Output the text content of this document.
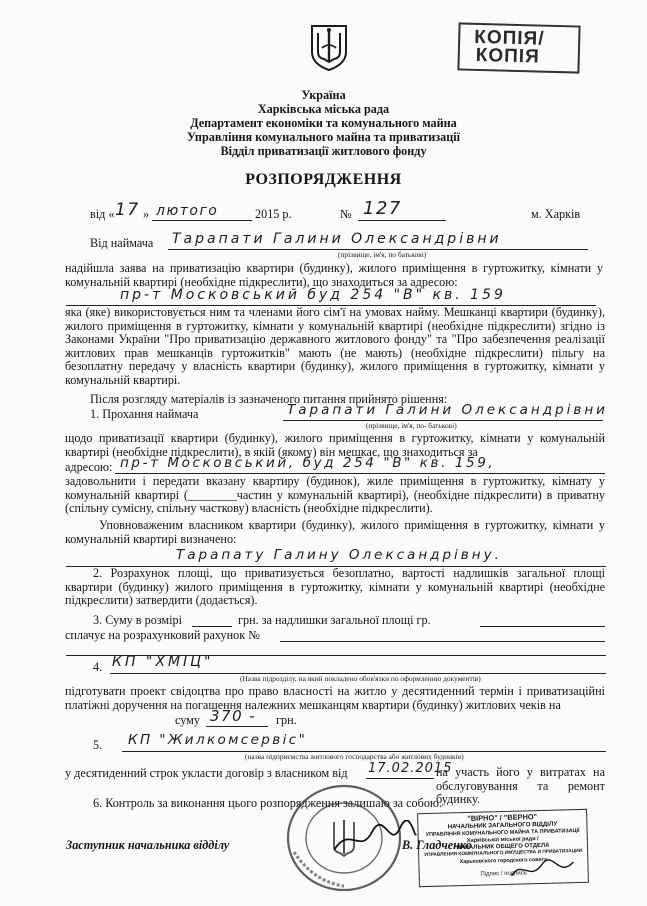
КОПІЯ/
КОПІЯ
Україна
Харківська міська рада
Департамент економіки та комунального майна
Управління комунального майна та приватизації
Відділ приватизації житлового фонду
РОЗПОРЯДЖЕННЯ
від « 17 » лютого	2015 р.	№ 127	м. Харків
Від наймача Тарапати Галини Олександрівни
(прізвище, ім'я, по батькові)
надійшла заява на приватизацію квартири (будинку), жилого приміщення в гуртожитку, кімнати у комунальній квартирі (необхідне підкреслити), що знаходиться за адресою:
пр-т Московський буд 254 "В" кв. 159
яка (яке) використовується ним та членами його сім'ї на умовах найму. Мешканці квартири (будинку), жилого приміщення в гуртожитку, кімнати у комунальній квартирі (необхідне підкреслити) згідно із Законами України "Про приватизацію державного житлового фонду" та "Про забезпечення реалізації житлових прав мешканців гуртожитків" мають (не мають) (необхідне підкреслити) пільгу на безоплатну передачу у власність квартири (будинку), жилого приміщення в гуртожитку, кімнати у комунальній квартирі.
Після розгляду матеріалів із зазначеного питання прийнято рішення:
1. Прохання наймача	Тарапати Галини Олександрівни
(прізвище, ім'я, по- батькові)
щодо приватизації квартири (будинку), жилого приміщення в гуртожитку, кімнати у комунальній квартирі (необхідне підкреслити), в якій (якому) він мешкає, що знаходиться за
адресою: пр-т Московський, буд 254 "В" кв. 159,
задовольнити і передати вказану квартиру (будинок), жиле приміщення в гуртожитку, кімнату у комунальній квартирі (________частин у комунальній квартирі), (необхідне підкреслити) в приватну (спільну сумісну, спільну часткову) власність (необхідне підкреслити).
Уповноваженим власником квартири (будинку), жилого приміщення в гуртожитку, кімнати у комунальній квартирі визначено:
Тарапату Галину Олександрівну.
2. Розрахунок площі, що приватизується безоплатно, вартості надлишків загальної площі квартири (будинку) жилого приміщення в гуртожитку, кімнати у комунальній квартирі (необхідне підкреслити) затвердити (додається).
3. Суму в розмірі	грн. за надлишки загальної площі гр.
сплачує на розрахунковий рахунок №
4. КП "ХМІЦ"
(Назва підрозділу, на який покладено обов'язки по оформленню документів)
підготувати проект свідоцтва про право власності на житло у десятиденний термін і приватизаційні платіжні доручення на погашення належних мешканцям квартири (будинку) житлових чеків на
суму 370 - грн.
5. КП "Жилкомсервіс"
(назва підприємства житлового господарства або житлових будинків)
у десятиденний строк укласти договір з власником від 17.02.2015
на участь його у витратах на обслуговування та ремонт будинку.
6. Контроль за виконання цього розпорядження залишаю за собою.
"ВІРНО" / "ВЕРНО"
НАЧАЛЬНИК ЗАГАЛЬНОГО ВІДДІЛУ
УПРАВЛІННЯ КОМУНАЛЬНОГО МАЙНА ТА ПРИВАТИЗАЦІЇ
Харківської міської ради /
НАЧАЛЬНИК ОБЩЕГО ОТДЕЛА
УПРАВЛЕНИЯ КОММУНАЛЬНОГО ИМУЩЕСТВА И ПРИВАТИЗАЦИИ
Харьковского городского совета
Підпис / подпись
Заступник начальника відділу	В. Гладченко
